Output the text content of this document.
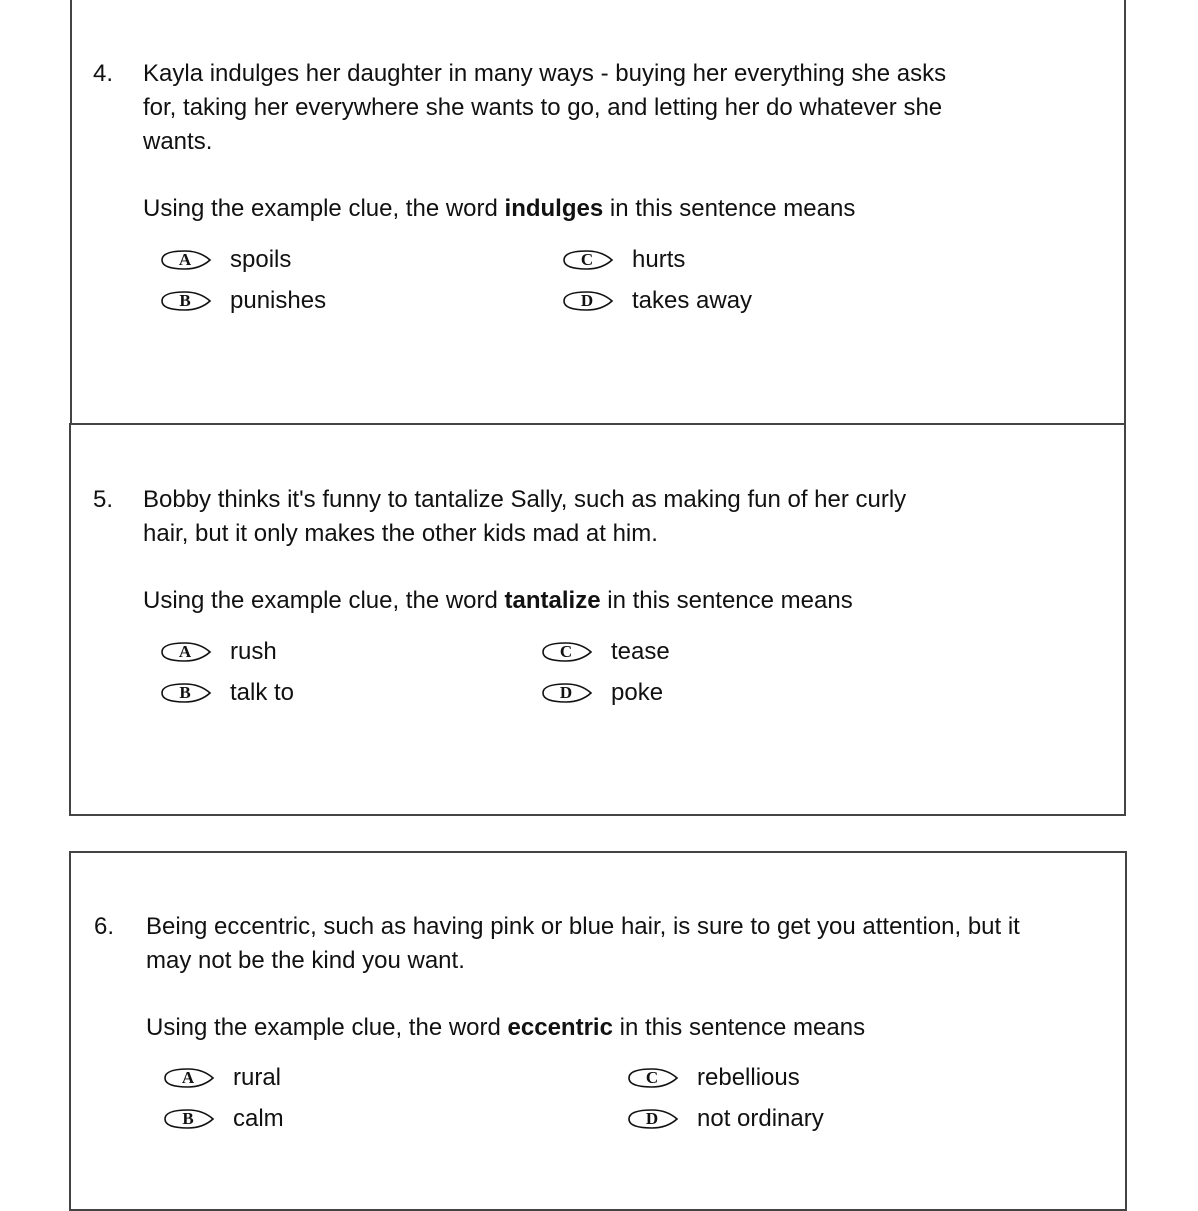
4. Kayla indulges her daughter in many ways - buying her everything she asks
for, taking her everywhere she wants to go, and letting her do whatever she
wants.
Using the example clue, the word indulges in this sentence means
A	spoils
B	punishes
C	hurts
D	takes away
5. Bobby thinks it's funny to tantalize Sally, such as making fun of her curly
hair, but it only makes the other kids mad at him.
Using the example clue, the word tantalize in this sentence means
A	rush
B	talk to
C	tease
D	poke
6. Being eccentric, such as having pink or blue hair, is sure to get you attention, but it
may not be the kind you want.
Using the example clue, the word eccentric in this sentence means
A	rural
B	calm
C	rebellious
D	not ordinary
